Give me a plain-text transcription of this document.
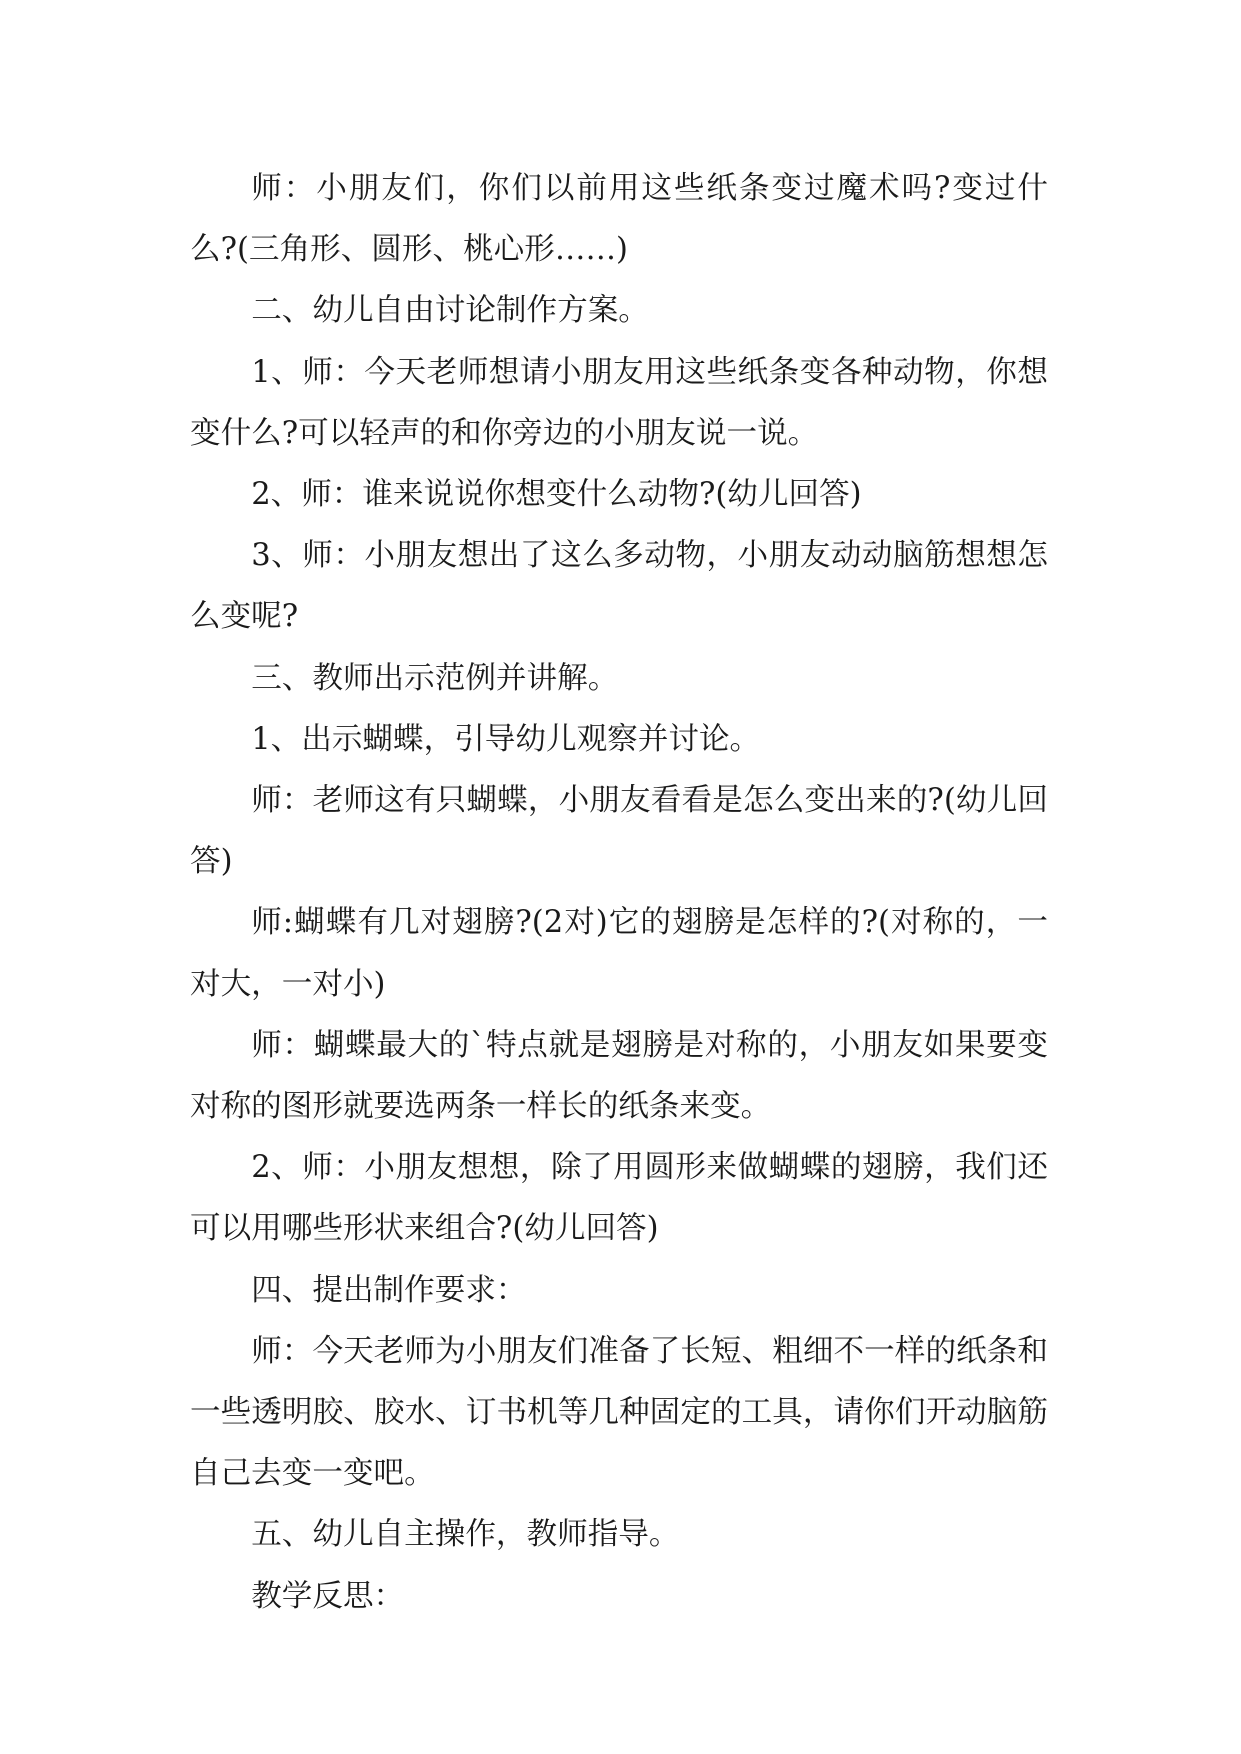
师：小朋友们，你们以前用这些纸条变过魔术吗?变过什么?(三角形、圆形、桃心形……)

二、幼儿自由讨论制作方案。

1、师：今天老师想请小朋友用这些纸条变各种动物，你想变什么?可以轻声的和你旁边的小朋友说一说。

2、师：谁来说说你想变什么动物?(幼儿回答)

3、师：小朋友想出了这么多动物，小朋友动动脑筋想想怎么变呢?

三、教师出示范例并讲解。

1、出示蝴蝶，引导幼儿观察并讨论。

师：老师这有只蝴蝶，小朋友看看是怎么变出来的?(幼儿回答)

师:蝴蝶有几对翅膀?(2对)它的翅膀是怎样的?(对称的，一对大，一对小)

师：蝴蝶最大的`特点就是翅膀是对称的，小朋友如果要变对称的图形就要选两条一样长的纸条来变。

2、师：小朋友想想，除了用圆形来做蝴蝶的翅膀，我们还可以用哪些形状来组合?(幼儿回答)

四、提出制作要求：

师：今天老师为小朋友们准备了长短、粗细不一样的纸条和一些透明胶、胶水、订书机等几种固定的工具，请你们开动脑筋自己去变一变吧。

五、幼儿自主操作，教师指导。

教学反思：
